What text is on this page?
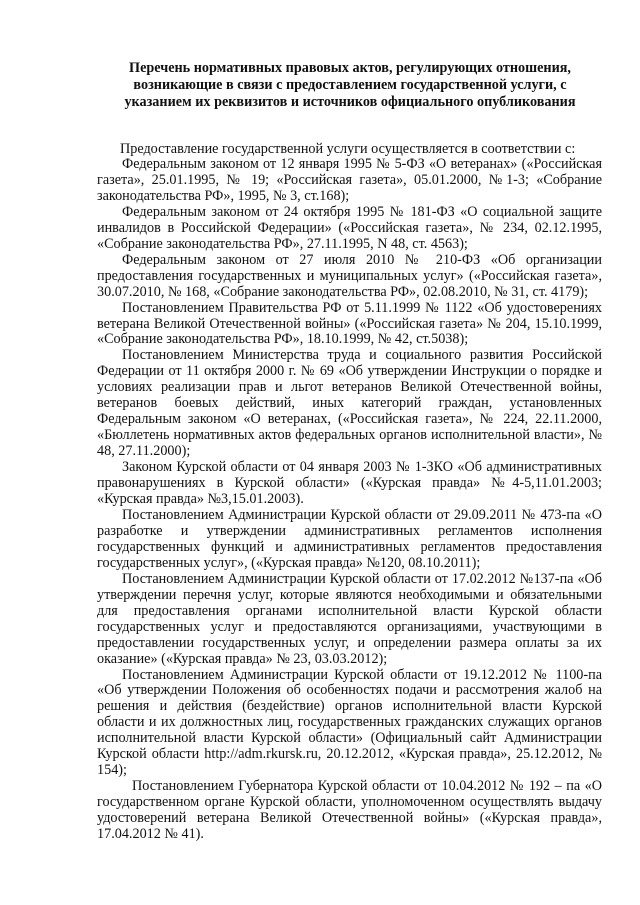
Перечень нормативных правовых актов, регулирующих отношения,
возникающие в связи с предоставлением государственной услуги, с
указанием их реквизитов и источников официального опубликования

Предоставление государственной услуги осуществляется в соответствии с:

Федеральным законом от 12 января 1995 № 5-ФЗ «О ветеранах» («Российская газета», 25.01.1995, № 19; «Российская газета», 05.01.2000, №1-3; «Собрание законодательства РФ», 1995, № 3, ст.168);

Федеральным законом от 24 октября 1995 № 181-ФЗ «О социальной защите инвалидов в Российской Федерации» («Российская газета», № 234, 02.12.1995, «Собрание законодательства РФ», 27.11.1995, N 48, ст. 4563);

Федеральным законом от 27 июля 2010 № 210-ФЗ «Об организации предоставления государственных и муниципальных услуг» («Российская газета», 30.07.2010, № 168, «Собрание законодательства РФ», 02.08.2010, № 31, ст. 4179);

Постановлением Правительства РФ от 5.11.1999 № 1122 «Об удостоверениях ветерана Великой Отечественной войны» («Российская газета» № 204, 15.10.1999, «Собрание законодательства РФ», 18.10.1999, № 42, ст.5038);

Постановлением Министерства труда и социального развития Российской Федерации от 11 октября 2000 г. № 69 «Об утверждении Инструкции о порядке и условиях реализации прав и льгот ветеранов Великой Отечественной войны, ветеранов боевых действий, иных категорий граждан, установленных Федеральным законом «О ветеранах, («Российская газета», № 224, 22.11.2000, «Бюллетень нормативных актов федеральных органов исполнительной власти», № 48, 27.11.2000);

Законом Курской области от 04 января 2003 № 1-ЗКО «Об административных правонарушениях в Курской области» («Курская правда» №4-5,11.01.2003; «Курская правда» №3,15.01.2003).

Постановлением Администрации Курской области от 29.09.2011 № 473-па «О разработке и утверждении административных регламентов исполнения государственных функций и административных регламентов предоставления государственных услуг», («Курская правда» №120, 08.10.2011);

Постановлением Администрации Курской области от 17.02.2012 №137-па «Об утверждении перечня услуг, которые являются необходимыми и обязательными для предоставления органами исполнительной власти Курской области государственных услуг и предоставляются организациями, участвующими в предоставлении государственных услуг, и определении размера оплаты за их оказание» («Курская правда» № 23, 03.03.2012);

Постановлением Администрации Курской области от 19.12.2012 № 1100-па «Об утверждении Положения об особенностях подачи и рассмотрения жалоб на решения и действия (бездействие) органов исполнительной власти Курской области и их должностных лиц, государственных гражданских служащих органов исполнительной власти Курской области» (Официальный сайт Администрации Курской области http://adm.rkursk.ru, 20.12.2012, «Курская правда», 25.12.2012, № 154);

Постановлением Губернатора Курской области от 10.04.2012 № 192 – па «О государственном органе Курской области, уполномоченном осуществлять выдачу удостоверений ветерана Великой Отечественной войны» («Курская правда», 17.04.2012 № 41).
